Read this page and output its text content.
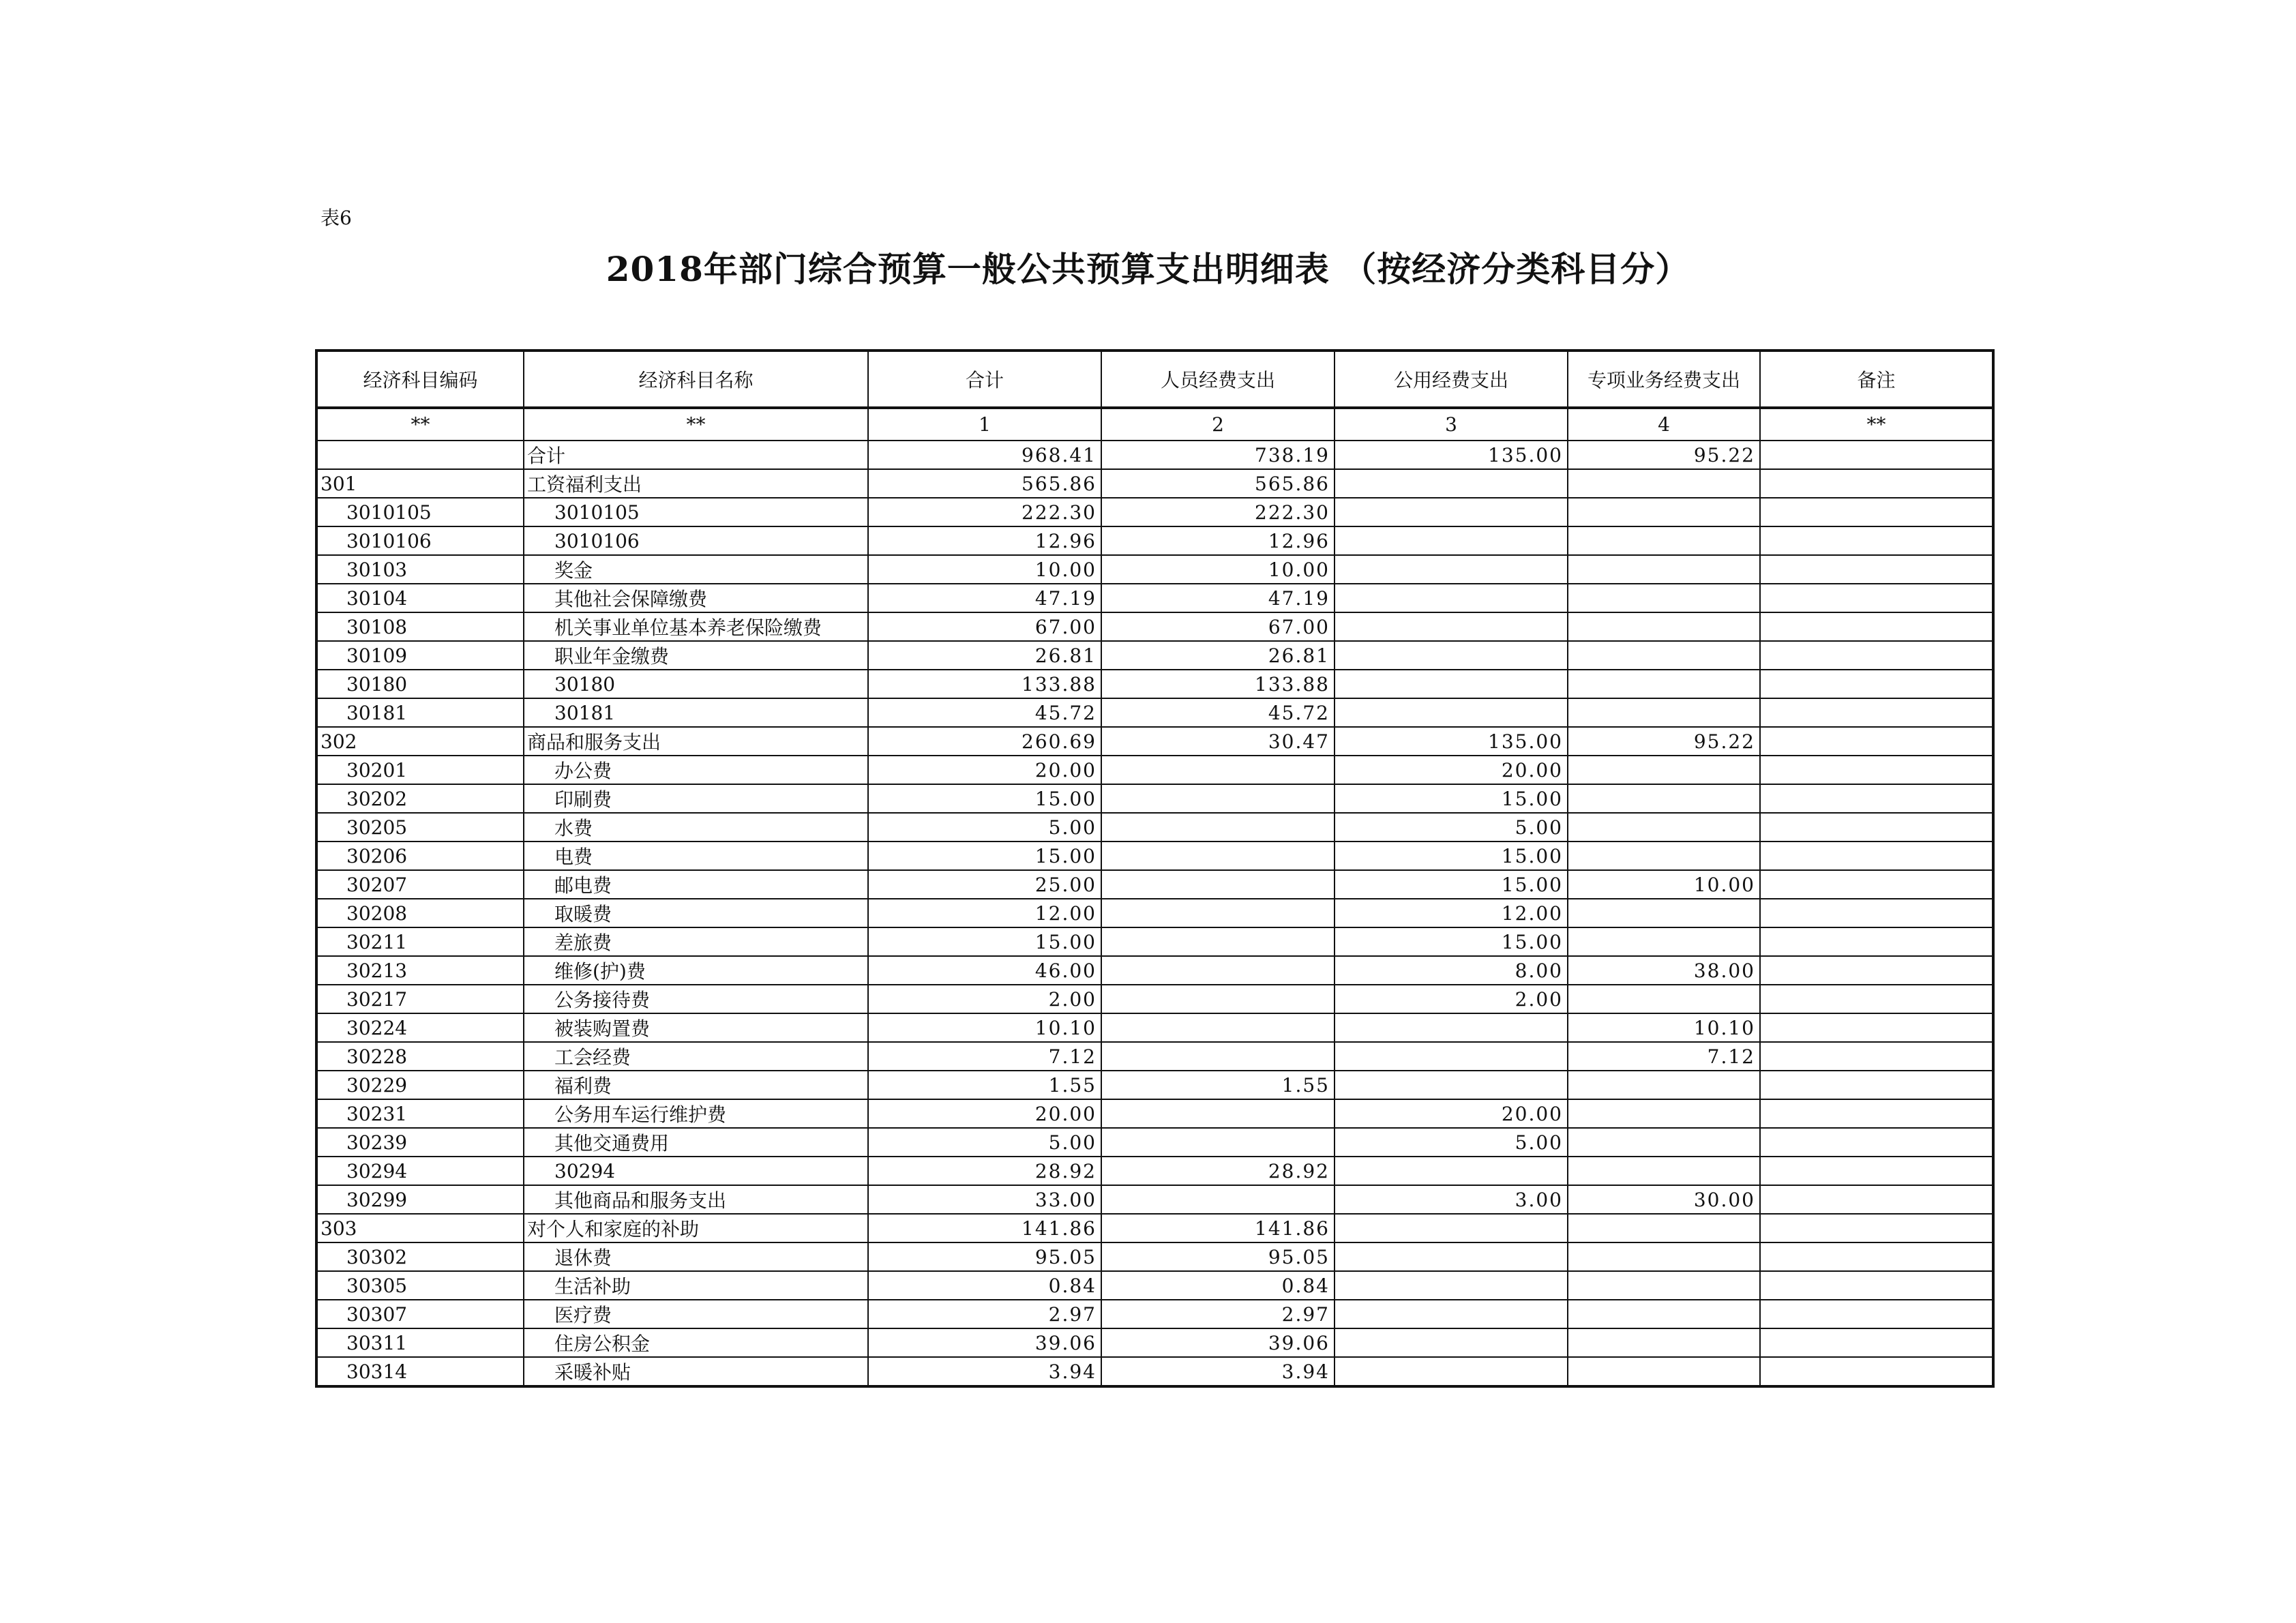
表6
2018年部门综合预算一般公共预算支出明细表 （按经济分类科目分）
经济科目编码	经济科目名称	合计	人员经费支出	公用经费支出	专项业务经费支出	备注
**	**	1	2	3	4	**
	合计	968.41	738.19	135.00	95.22	
301	工资福利支出	565.86	565.86			
3010105	3010105	222.30	222.30			
3010106	3010106	12.96	12.96			
30103	奖金	10.00	10.00			
30104	其他社会保障缴费	47.19	47.19			
30108	机关事业单位基本养老保险缴费	67.00	67.00			
30109	职业年金缴费	26.81	26.81			
30180	30180	133.88	133.88			
30181	30181	45.72	45.72			
302	商品和服务支出	260.69	30.47	135.00	95.22	
30201	办公费	20.00		20.00		
30202	印刷费	15.00		15.00		
30205	水费	5.00		5.00		
30206	电费	15.00		15.00		
30207	邮电费	25.00		15.00	10.00	
30208	取暖费	12.00		12.00		
30211	差旅费	15.00		15.00		
30213	维修(护)费	46.00		8.00	38.00	
30217	公务接待费	2.00		2.00		
30224	被装购置费	10.10			10.10	
30228	工会经费	7.12			7.12	
30229	福利费	1.55	1.55			
30231	公务用车运行维护费	20.00		20.00		
30239	其他交通费用	5.00		5.00		
30294	30294	28.92	28.92			
30299	其他商品和服务支出	33.00		3.00	30.00	
303	对个人和家庭的补助	141.86	141.86			
30302	退休费	95.05	95.05			
30305	生活补助	0.84	0.84			
30307	医疗费	2.97	2.97			
30311	住房公积金	39.06	39.06			
30314	采暖补贴	3.94	3.94			
